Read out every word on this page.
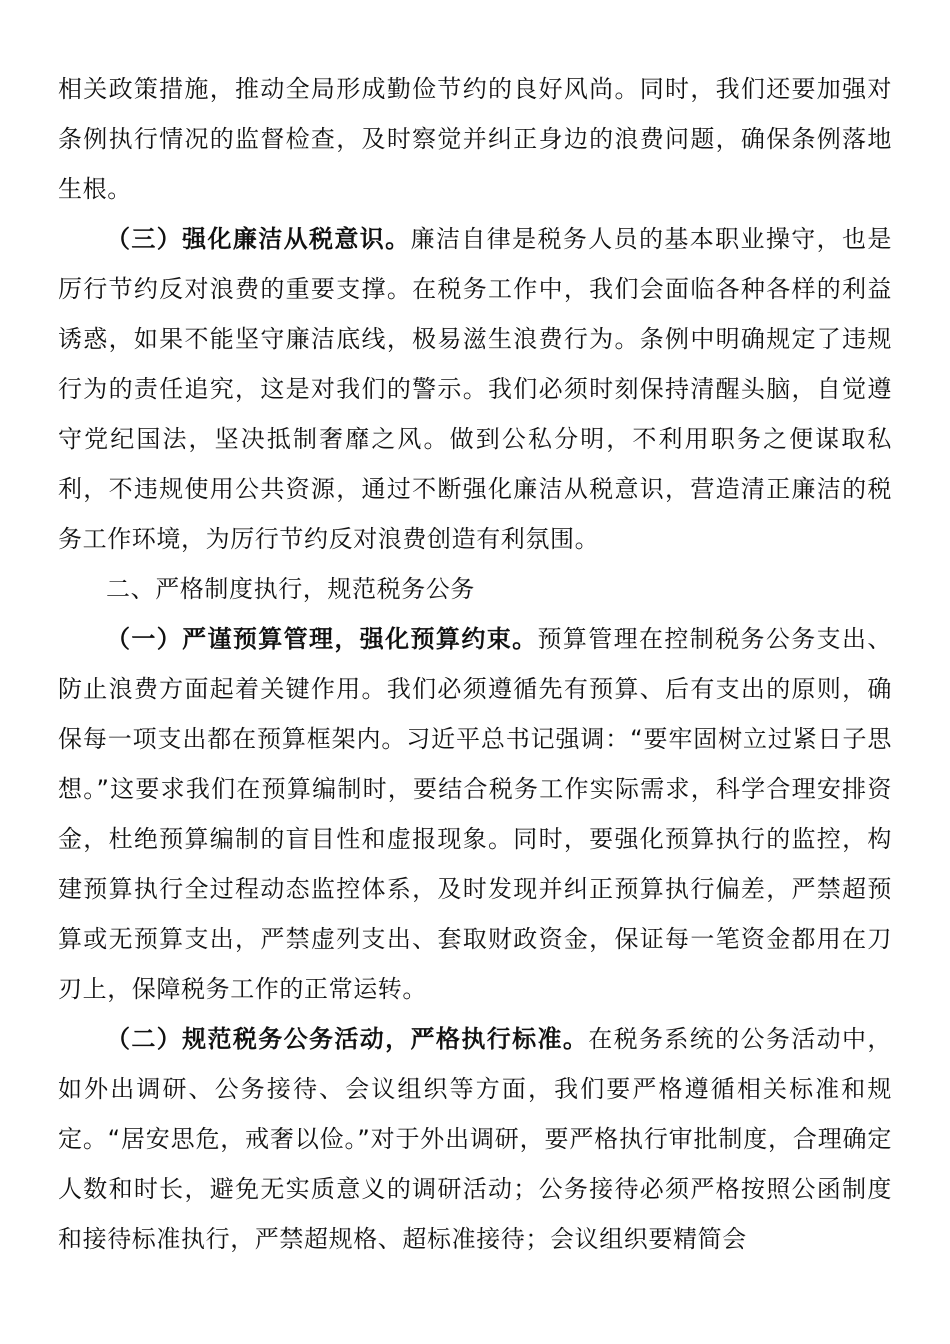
相关政策措施，推动全局形成勤俭节约的良好风尚。同时，我们还要加强对条例执行情况的监督检查，及时察觉并纠正身边的浪费问题，确保条例落地生根。

（三）强化廉洁从税意识。廉洁自律是税务人员的基本职业操守，也是厉行节约反对浪费的重要支撑。在税务工作中，我们会面临各种各样的利益诱惑，如果不能坚守廉洁底线，极易滋生浪费行为。条例中明确规定了违规行为的责任追究，这是对我们的警示。我们必须时刻保持清醒头脑，自觉遵守党纪国法，坚决抵制奢靡之风。做到公私分明，不利用职务之便谋取私利，不违规使用公共资源，通过不断强化廉洁从税意识，营造清正廉洁的税务工作环境，为厉行节约反对浪费创造有利氛围。

二、严格制度执行，规范税务公务

（一）严谨预算管理，强化预算约束。预算管理在控制税务公务支出、防止浪费方面起着关键作用。我们必须遵循先有预算、后有支出的原则，确保每一项支出都在预算框架内。习近平总书记强调：“要牢固树立过紧日子思想。”这要求我们在预算编制时，要结合税务工作实际需求，科学合理安排资金，杜绝预算编制的盲目性和虚报现象。同时，要强化预算执行的监控，构建预算执行全过程动态监控体系，及时发现并纠正预算执行偏差，严禁超预算或无预算支出，严禁虚列支出、套取财政资金，保证每一笔资金都用在刀刃上，保障税务工作的正常运转。

（二）规范税务公务活动，严格执行标准。在税务系统的公务活动中，如外出调研、公务接待、会议组织等方面，我们要严格遵循相关标准和规定。“居安思危，戒奢以俭。”对于外出调研，要严格执行审批制度，合理确定人数和时长，避免无实质意义的调研活动；公务接待必须严格按照公函制度和接待标准执行，严禁超规格、超标准接待；会议组织要精简会
